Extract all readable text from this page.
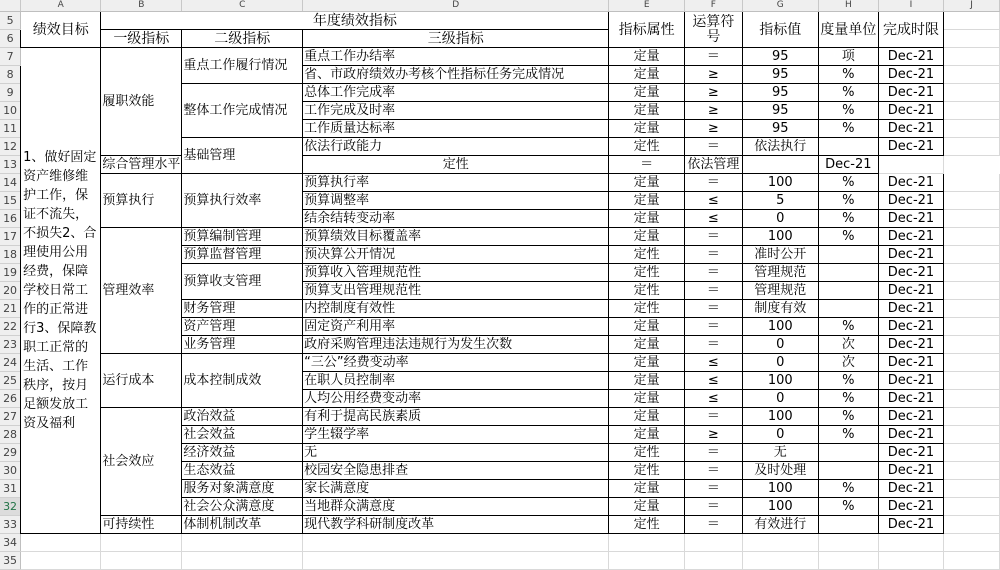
	A	B	C	D	E	F	G	H	I	J
5	绩效目标	年度绩效指标			指标属性	运算符号	指标值	度量单位	完成时限	
6		一级指标	二级指标	三级指标						
7	1、做好固定资产维修维护工作，保证不流失，不损失2、合理使用公用经费，保障学校日常工作的正常进行3、保障教职工正常的生活、工作秩序，按月足额发放工资及福利	履职效能	重点工作履行情况	重点工作办结率	定量	＝	95	项	Dec-21	
8				省、市政府绩效办考核个性指标任务完成情况	定量	≥	95	%	Dec-21	
9			整体工作完成情况	总体工作完成率	定量	≥	95	%	Dec-21	
10				工作完成及时率	定量	≥	95	%	Dec-21	
11				工作质量达标率	定量	≥	95	%	Dec-21	
12			基础管理	依法行政能力	定性	＝	依法执行		Dec-21	
13		综合管理水平		定性	＝	依法管理		Dec-21		
14		预算执行	预算执行效率	预算执行率	定量	＝	100	%	Dec-21	
15				预算调整率	定量	≤	5	%	Dec-21	
16				结余结转变动率	定量	≤	0	%	Dec-21	
17		管理效率	预算编制管理	预算绩效目标覆盖率	定量	＝	100	%	Dec-21	
18			预算监督管理	预决算公开情况	定性	＝	准时公开		Dec-21	
19			预算收支管理	预算收入管理规范性	定性	＝	管理规范		Dec-21	
20				预算支出管理规范性	定性	＝	管理规范		Dec-21	
21			财务管理	内控制度有效性	定性	＝	制度有效		Dec-21	
22			资产管理	固定资产利用率	定量	＝	100	%	Dec-21	
23			业务管理	政府采购管理违法违规行为发生次数	定量	＝	0	次	Dec-21	
24		运行成本	成本控制成效	“三公”经费变动率	定量	≤	0	次	Dec-21	
25				在职人员控制率	定量	≤	100	%	Dec-21	
26				人均公用经费变动率	定量	≤	0	%	Dec-21	
27		社会效应	政治效益	有利于提高民族素质	定量	＝	100	%	Dec-21	
28			社会效益	学生辍学率	定量	≥	0	%	Dec-21	
29			经济效益	无	定性	＝	无		Dec-21	
30			生态效益	校园安全隐患排查	定性	＝	及时处理		Dec-21	
31			服务对象满意度	家长满意度	定量	＝	100	%	Dec-21	
32			社会公众满意度	当地群众满意度	定量	＝	100	%	Dec-21	
33		可持续性	体制机制改革	现代教学科研制度改革	定性	＝	有效进行		Dec-21	
34										
35										
